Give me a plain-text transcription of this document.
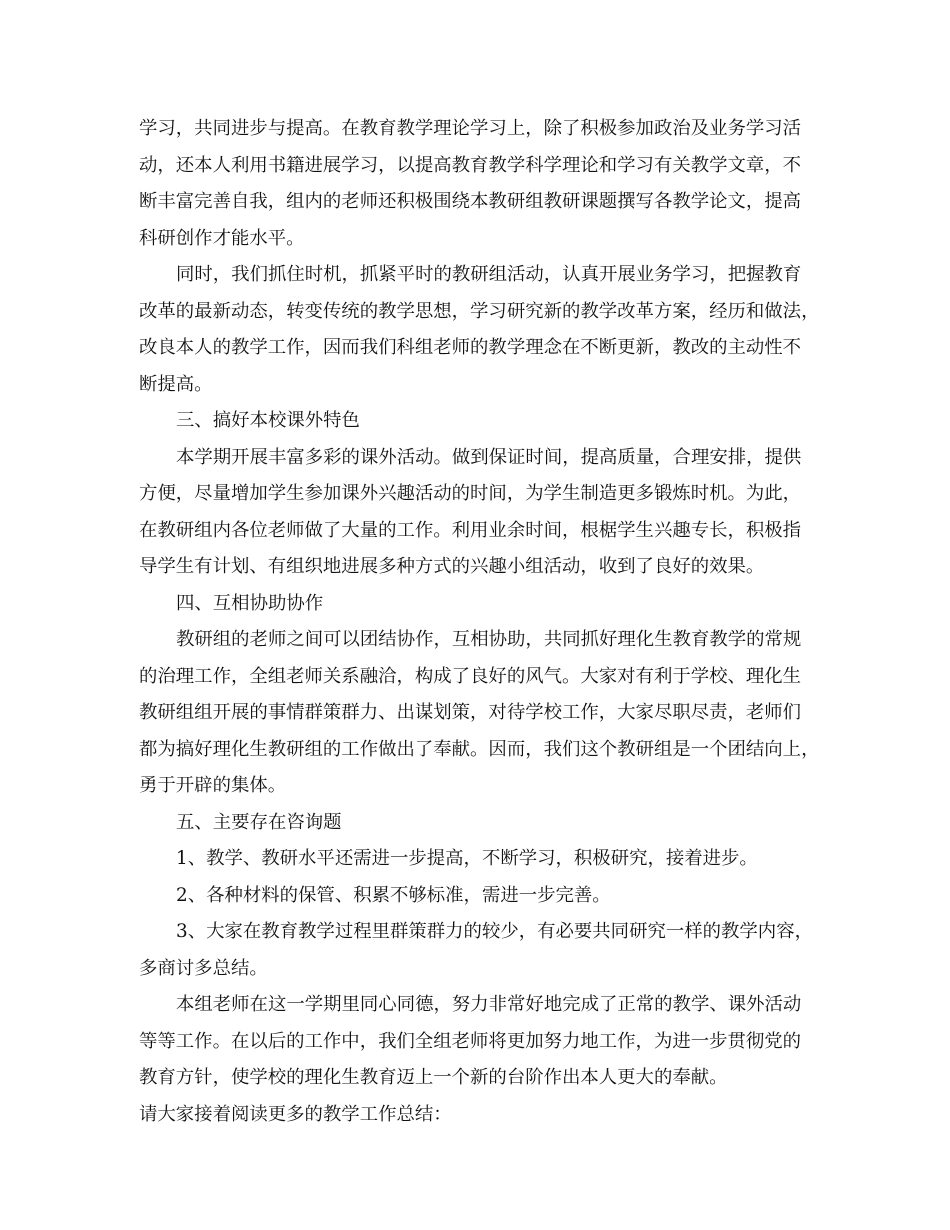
学习，共同进步与提高。在教育教学理论学习上，除了积极参加政治及业务学习活
动，还本人利用书籍进展学习，以提高教育教学科学理论和学习有关教学文章，不
断丰富完善自我，组内的老师还积极围绕本教研组教研课题撰写各教学论文，提高
科研创作才能水平。
同时，我们抓住时机，抓紧平时的教研组活动，认真开展业务学习，把握教育
改革的最新动态，转变传统的教学思想，学习研究新的教学改革方案，经历和做法，
改良本人的教学工作，因而我们科组老师的教学理念在不断更新，教改的主动性不
断提高。
三、搞好本校课外特色
本学期开展丰富多彩的课外活动。做到保证时间，提高质量，合理安排，提供
方便，尽量增加学生参加课外兴趣活动的时间，为学生制造更多锻炼时机。为此，
在教研组内各位老师做了大量的工作。利用业余时间，根椐学生兴趣专长，积极指
导学生有计划、有组织地进展多种方式的兴趣小组活动，收到了良好的效果。
四、互相协助协作
教研组的老师之间可以团结协作，互相协助，共同抓好理化生教育教学的常规
的治理工作，全组老师关系融洽，构成了良好的风气。大家对有利于学校、理化生
教研组组开展的事情群策群力、出谋划策，对待学校工作，大家尽职尽责，老师们
都为搞好理化生教研组的工作做出了奉献。因而，我们这个教研组是一个团结向上，
勇于开辟的集体。
五、主要存在咨询题
1、教学、教研水平还需进一步提高，不断学习，积极研究，接着进步。
2、各种材料的保管、积累不够标准，需进一步完善。
3、大家在教育教学过程里群策群力的较少，有必要共同研究一样的教学内容，
多商讨多总结。
本组老师在这一学期里同心同德，努力非常好地完成了正常的教学、课外活动
等等工作。在以后的工作中，我们全组老师将更加努力地工作，为进一步贯彻党的
教育方针，使学校的理化生教育迈上一个新的台阶作出本人更大的奉献。
请大家接着阅读更多的教学工作总结：
